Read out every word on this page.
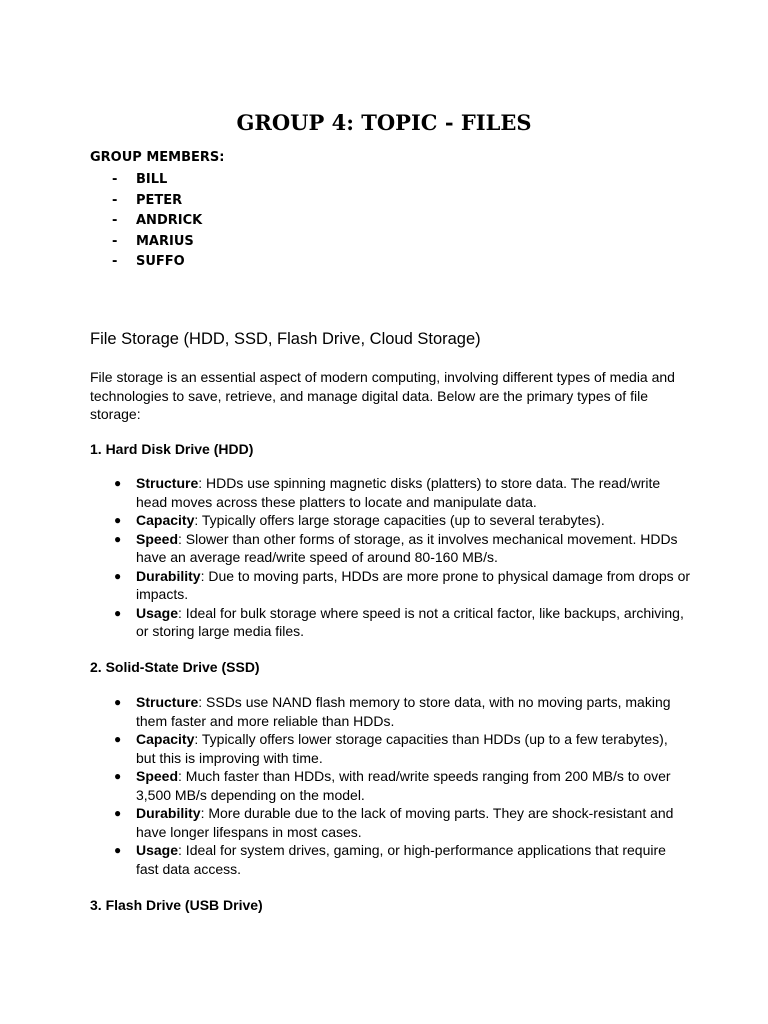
GROUP 4: TOPIC - FILES

GROUP MEMBERS:

- BILL
- PETER
- ANDRICK
- MARIUS
- SUFFO
File Storage (HDD, SSD, Flash Drive, Cloud Storage)

File storage is an essential aspect of modern computing, involving different types of media and technologies to save, retrieve, and manage digital data. Below are the primary types of file storage:

1. Hard Disk Drive (HDD)

● Structure: HDDs use spinning magnetic disks (platters) to store data. The read/write head moves across these platters to locate and manipulate data.
● Capacity: Typically offers large storage capacities (up to several terabytes).
● Speed: Slower than other forms of storage, as it involves mechanical movement. HDDs have an average read/write speed of around 80-160 MB/s.
● Durability: Due to moving parts, HDDs are more prone to physical damage from drops or impacts.
● Usage: Ideal for bulk storage where speed is not a critical factor, like backups, archiving, or storing large media files.

2. Solid-State Drive (SSD)

● Structure: SSDs use NAND flash memory to store data, with no moving parts, making them faster and more reliable than HDDs.
● Capacity: Typically offers lower storage capacities than HDDs (up to a few terabytes), but this is improving with time.
● Speed: Much faster than HDDs, with read/write speeds ranging from 200 MB/s to over 3,500 MB/s depending on the model.
● Durability: More durable due to the lack of moving parts. They are shock-resistant and have longer lifespans in most cases.
● Usage: Ideal for system drives, gaming, or high-performance applications that require fast data access.

3. Flash Drive (USB Drive)
